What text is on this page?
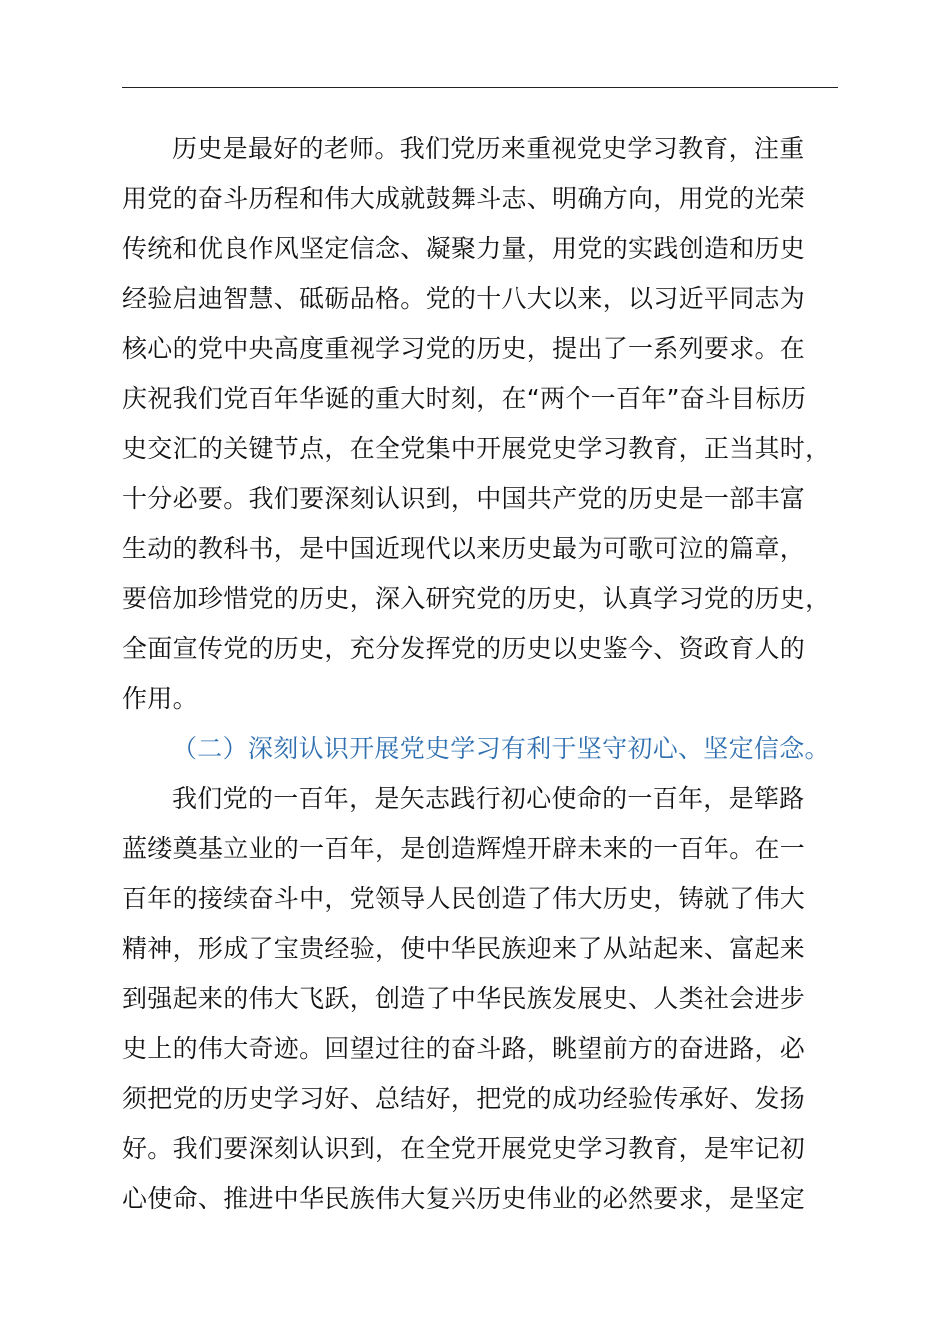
历史是最好的老师。我们党历来重视党史学习教育，注重
用党的奋斗历程和伟大成就鼓舞斗志、明确方向，用党的光荣
传统和优良作风坚定信念、凝聚力量，用党的实践创造和历史
经验启迪智慧、砥砺品格。党的十八大以来，以习近平同志为
核心的党中央高度重视学习党的历史，提出了一系列要求。在
庆祝我们党百年华诞的重大时刻，在“两个一百年”奋斗目标历
史交汇的关键节点，在全党集中开展党史学习教育，正当其时，
十分必要。我们要深刻认识到，中国共产党的历史是一部丰富
生动的教科书，是中国近现代以来历史最为可歌可泣的篇章，
要倍加珍惜党的历史，深入研究党的历史，认真学习党的历史，
全面宣传党的历史，充分发挥党的历史以史鉴今、资政育人的
作用。
（二）深刻认识开展党史学习有利于坚守初心、坚定信念。
我们党的一百年，是矢志践行初心使命的一百年，是筚路
蓝缕奠基立业的一百年，是创造辉煌开辟未来的一百年。在一
百年的接续奋斗中，党领导人民创造了伟大历史，铸就了伟大
精神，形成了宝贵经验，使中华民族迎来了从站起来、富起来
到强起来的伟大飞跃，创造了中华民族发展史、人类社会进步
史上的伟大奇迹。回望过往的奋斗路，眺望前方的奋进路，必
须把党的历史学习好、总结好，把党的成功经验传承好、发扬
好。我们要深刻认识到，在全党开展党史学习教育，是牢记初
心使命、推进中华民族伟大复兴历史伟业的必然要求，是坚定
